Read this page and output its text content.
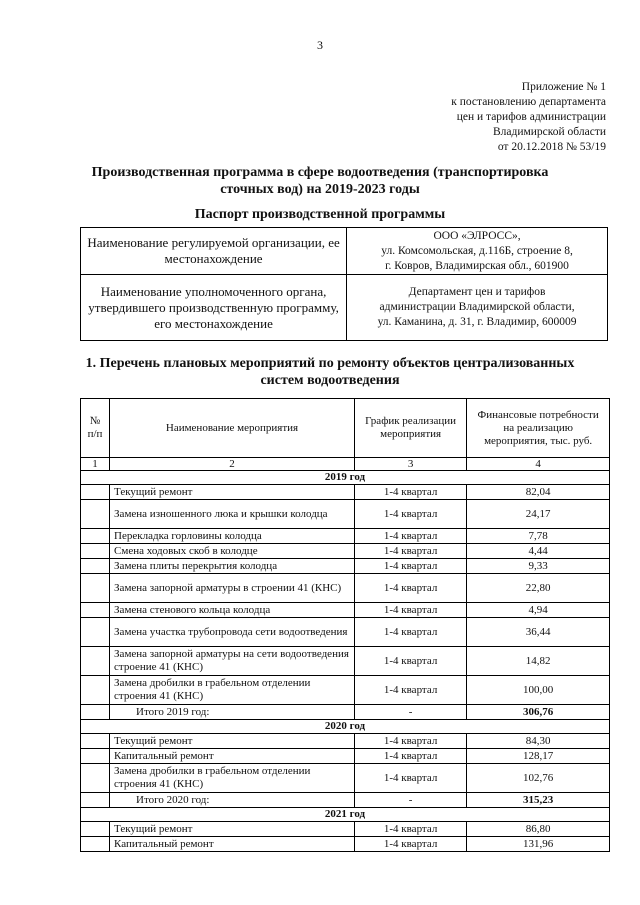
3
Приложение № 1
к постановлению департамента
цен и тарифов администрации
Владимирской области
от 20.12.2018 № 53/19
Производственная программа в сфере водоотведения (транспортировка
сточных вод) на 2019-2023 годы
Паспорт производственной программы
Наименование регулируемой организации, ее местонахождение	ООО «ЭЛРОСС»,
ул. Комсомольская, д.116Б, строение 8,
г. Ковров, Владимирская обл., 601900

Наименование уполномоченного органа, утвердившего производственную программу, его местонахождение	Департамент цен и тарифов
администрации Владимирской области,
ул. Каманина, д. 31, г. Владимир, 600009
1. Перечень плановых мероприятий по ремонту объектов централизованных
систем водоотведения
№ п/п	Наименование мероприятия	График реализации мероприятия	Финансовые потребности на реализацию мероприятия, тыс. руб.
1	2	3	4
2019 год			
	Текущий ремонт	1-4 квартал	82,04
	Замена изношенного люка и крышки колодца	1-4 квартал	24,17
	Перекладка горловины колодца	1-4 квартал	7,78
	Смена ходовых скоб в колодце	1-4 квартал	4,44
	Замена плиты перекрытия колодца	1-4 квартал	9,33
	Замена запорной арматуры в строении 41 (КНС)	1-4 квартал	22,80
	Замена стенового кольца колодца	1-4 квартал	4,94
	Замена участка трубопровода сети водоотведения	1-4 квартал	36,44
	Замена запорной арматуры на сети водоотведения строение 41 (КНС)	1-4 квартал	14,82
	Замена дробилки в грабельном отделении строения 41 (КНС)	1-4 квартал	100,00
	Итого 2019 год:	-	306,76
2020 год			
	Текущий ремонт	1-4 квартал	84,30
	Капитальный ремонт	1-4 квартал	128,17
	Замена дробилки в грабельном отделении строения 41 (КНС)	1-4 квартал	102,76
	Итого 2020 год:	-	315,23
2021 год			
	Текущий ремонт	1-4 квартал	86,80
	Капитальный ремонт	1-4 квартал	131,96
